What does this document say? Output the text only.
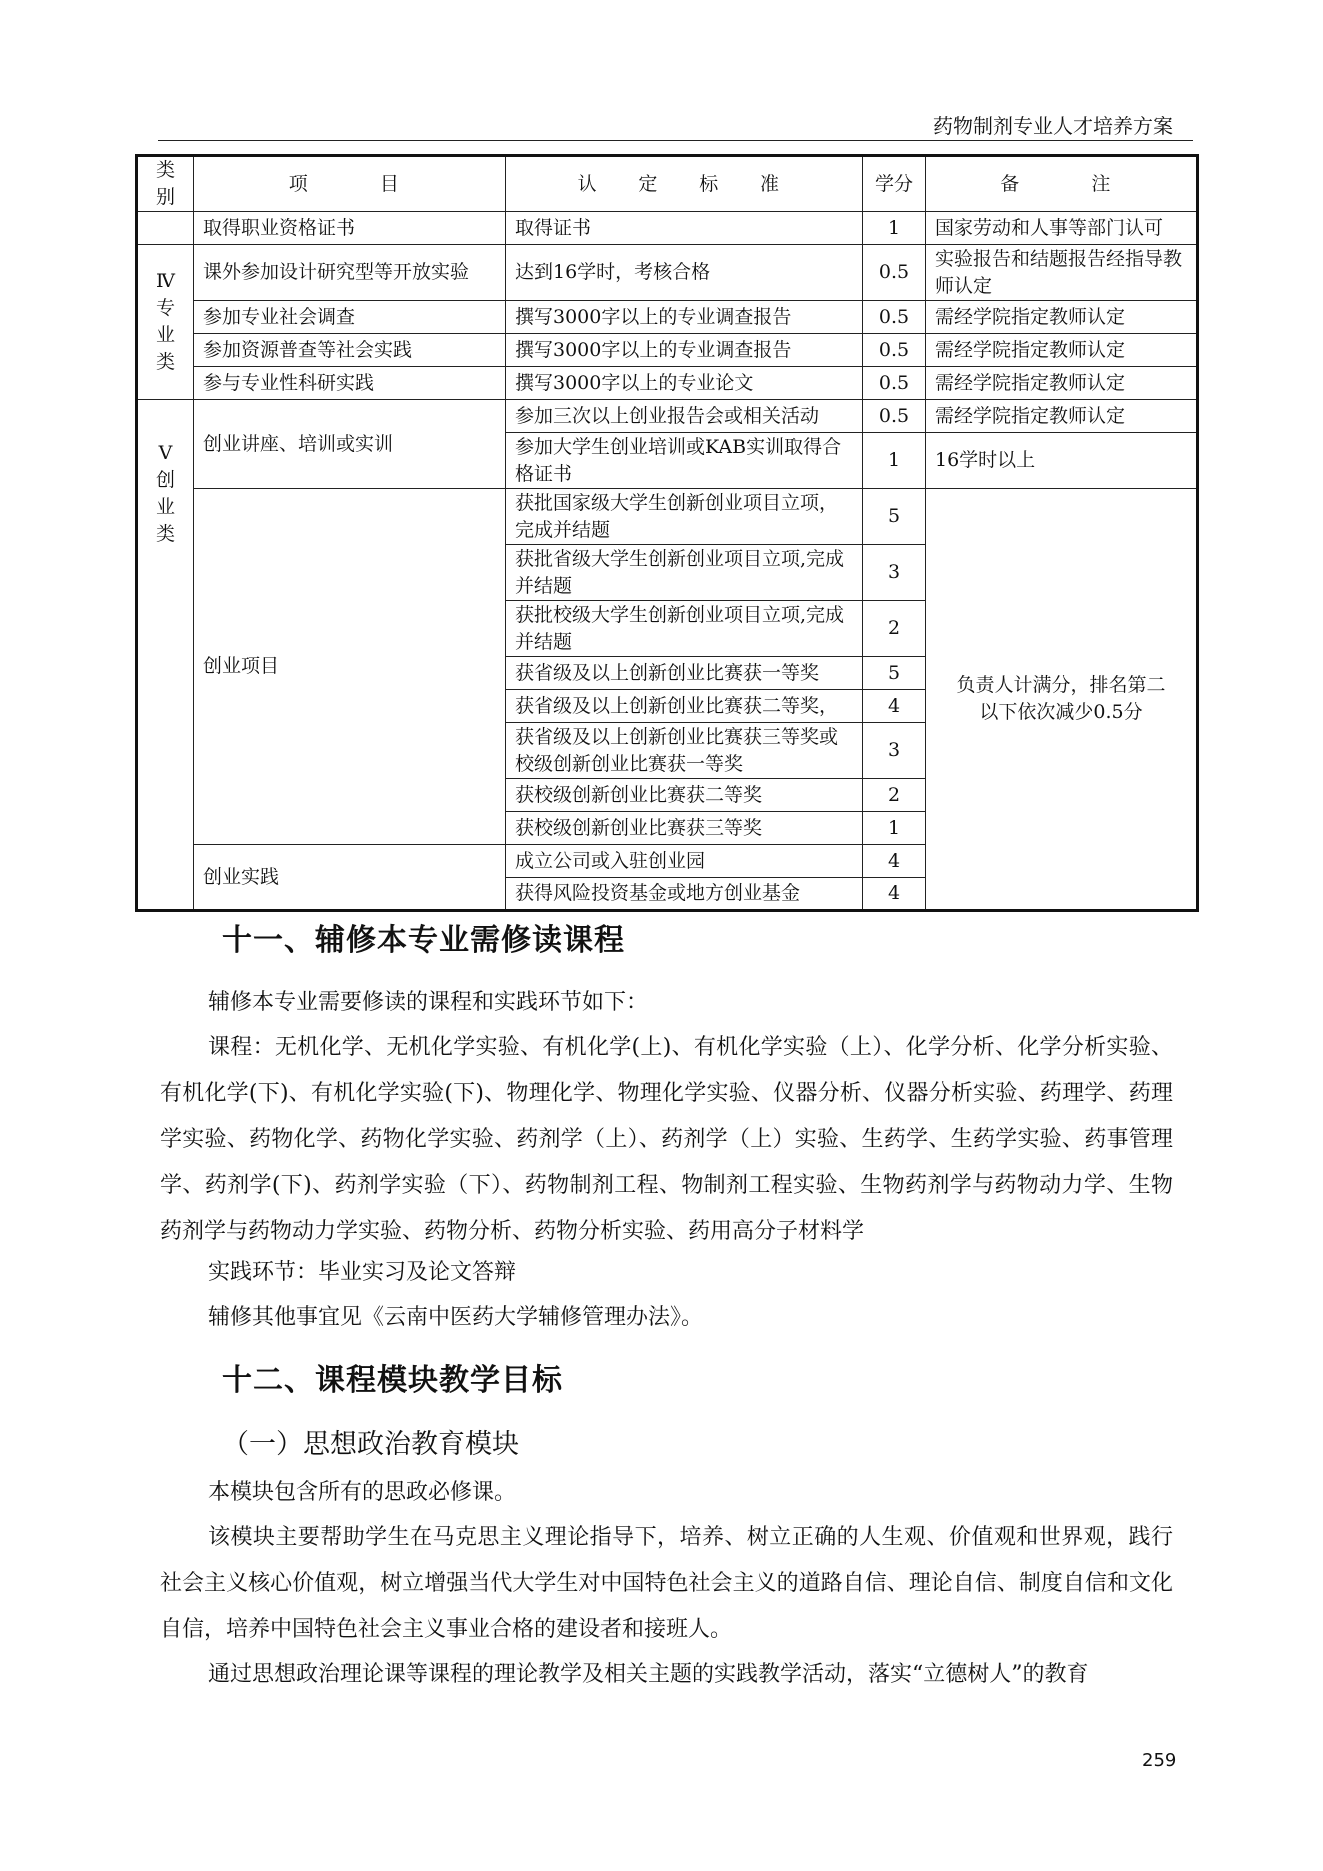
药物制剂专业人才培养方案
类别	项　　目	认　定　标　准	学分	备　　注
	取得职业资格证书	取得证书	1	国家劳动和人事等部门认可

Ⅳ
专业类	课外参加设计研究型等开放实验	达到16学时，考核合格	0.5	实验报告和结题报告经指导教师认定
	参加专业社会调查	撰写3000字以上的专业调查报告	0.5	需经学院指定教师认定
	参加资源普查等社会实践	撰写3000字以上的专业调查报告	0.5	需经学院指定教师认定
	参与专业性科研实践	撰写3000字以上的专业论文	0.5	需经学院指定教师认定

V
创业类	创业讲座、培训或实训	参加三次以上创业报告会或相关活动	0.5	需经学院指定教师认定
		参加大学生创业培训或KAB实训取得合格证书	1	16学时以上
	创业项目	获批国家级大学生创新创业项目立项，完成并结题	5	负责人计满分，排名第二以下依次减少0.5分
		获批省级大学生创新创业项目立项,完成并结题	3	
		获批校级大学生创新创业项目立项,完成并结题	2	
		获省级及以上创新创业比赛获一等奖	5	
		获省级及以上创新创业比赛获二等奖，	4	
		获省级及以上创新创业比赛获三等奖或校级创新创业比赛获一等奖	3	
		获校级创新创业比赛获二等奖	2	
		获校级创新创业比赛获三等奖	1	
	创业实践	成立公司或入驻创业园	4	
		获得风险投资基金或地方创业基金	4	
十一、辅修本专业需修读课程

辅修本专业需要修读的课程和实践环节如下：

课程：无机化学、无机化学实验、有机化学(上)、有机化学实验（上）、化学分析、化学分析实验、有机化学(下)、有机化学实验(下)、物理化学、物理化学实验、仪器分析、仪器分析实验、药理学、药理学实验、药物化学、药物化学实验、药剂学（上）、药剂学（上）实验、生药学、生药学实验、药事管理学、药剂学(下)、药剂学实验（下）、药物制剂工程、物制剂工程实验、生物药剂学与药物动力学、生物药剂学与药物动力学实验、药物分析、药物分析实验、药用高分子材料学

实践环节：毕业实习及论文答辩

辅修其他事宜见《云南中医药大学辅修管理办法》。

十二、课程模块教学目标
（一）思想政治教育模块

本模块包含所有的思政必修课。

该模块主要帮助学生在马克思主义理论指导下，培养、树立正确的人生观、价值观和世界观，践行社会主义核心价值观，树立增强当代大学生对中国特色社会主义的道路自信、理论自信、制度自信和文化自信，培养中国特色社会主义事业合格的建设者和接班人。

通过思想政治理论课等课程的理论教学及相关主题的实践教学活动，落实“立德树人”的教育

259
